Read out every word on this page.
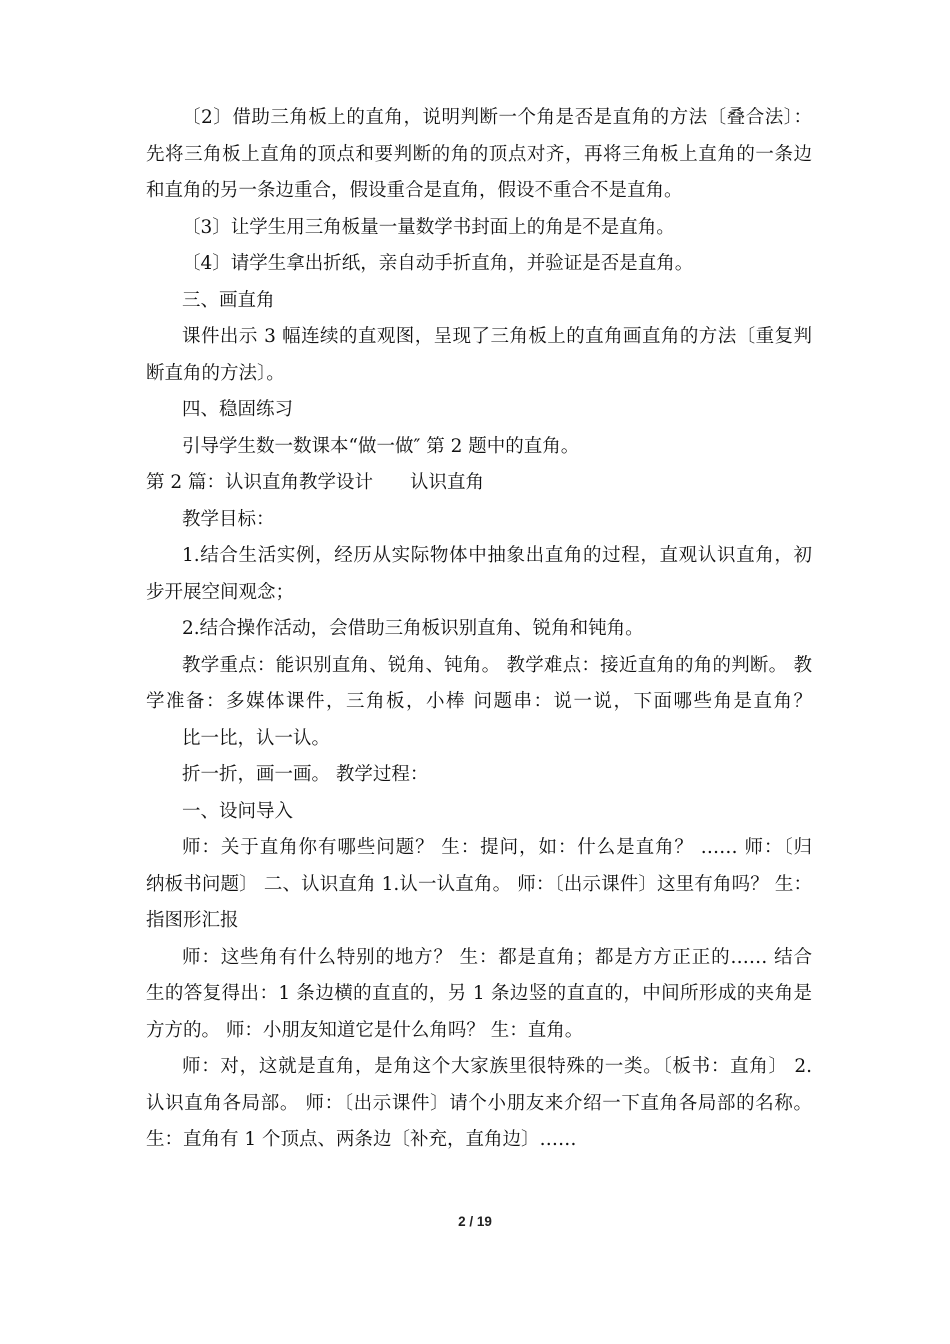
〔2〕借助三角板上的直角，说明判断一个角是否是直角的方法〔叠合法〕：
先将三角板上直角的顶点和要判断的角的顶点对齐，再将三角板上直角的一条边
和直角的另一条边重合，假设重合是直角，假设不重合不是直角。
〔3〕让学生用三角板量一量数学书封面上的角是不是直角。
〔4〕请学生拿出折纸，亲自动手折直角，并验证是否是直角。
三、画直角
课件出示 3 幅连续的直观图，呈现了三角板上的直角画直角的方法〔重复判
断直角的方法〕。
四、稳固练习
引导学生数一数课本“做一做″ 第 2 题中的直角。
第 2 篇：认识直角教学设计　　认识直角
教学目标：
1.结合生活实例，经历从实际物体中抽象出直角的过程，直观认识直角，初
步开展空间观念；
2.结合操作活动，会借助三角板识别直角、锐角和钝角。
教学重点：能识别直角、锐角、钝角。 教学难点：接近直角的角的判断。 教
学准备：多媒体课件，三角板，小棒 问题串：说一说，下面哪些角是直角？
比一比，认一认。
折一折，画一画。 教学过程：
一、设问导入
师：关于直角你有哪些问题？ 生：提问，如：什么是直角？ …… 师：〔归
纳板书问题〕 二、认识直角 1.认一认直角。 师：〔出示课件〕这里有角吗？ 生：
指图形汇报
师：这些角有什么特别的地方？ 生：都是直角；都是方方正正的…… 结合
生的答复得出：1 条边横的直直的，另 1 条边竖的直直的，中间所形成的夹角是
方方的。 师：小朋友知道它是什么角吗？ 生：直角。
师：对，这就是直角，是角这个大家族里很特殊的一类。〔板书：直角〕 2.
认识直角各局部。 师：〔出示课件〕请个小朋友来介绍一下直角各局部的名称。
生：直角有 1 个顶点、两条边〔补充，直角边〕……
2 / 19
